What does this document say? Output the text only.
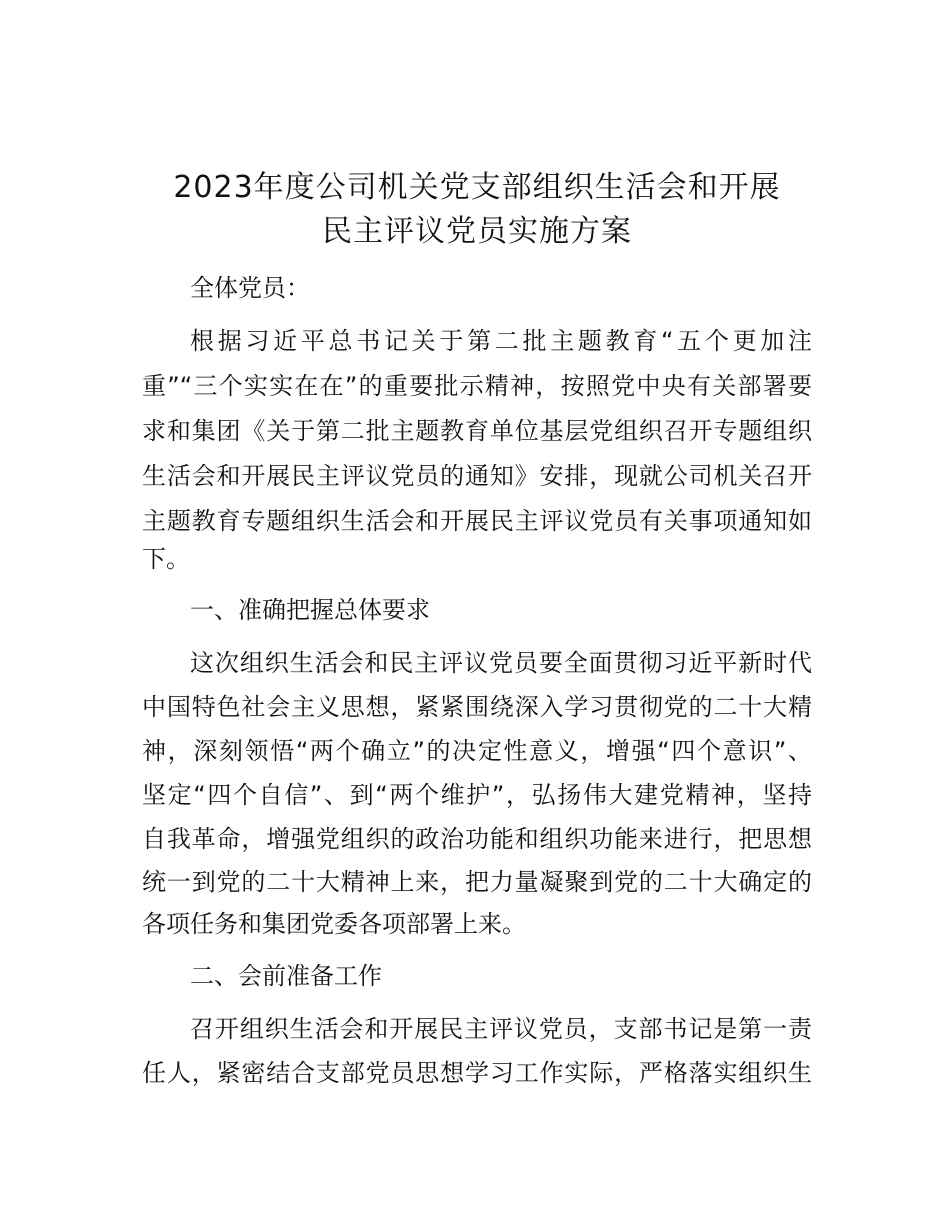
2023年度公司机关党支部组织生活会和开展
民主评议党员实施方案

全体党员：

根据习近平总书记关于第二批主题教育“五个更加注

重”“三个实实在在”的重要批示精神，按照党中央有关部署要

求和集团《关于第二批主题教育单位基层党组织召开专题组织

生活会和开展民主评议党员的通知》安排，现就公司机关召开

主题教育专题组织生活会和开展民主评议党员有关事项通知如

下。

一、准确把握总体要求

这次组织生活会和民主评议党员要全面贯彻习近平新时代

中国特色社会主义思想，紧紧围绕深入学习贯彻党的二十大精

神，深刻领悟“两个确立”的决定性意义，增强“四个意识”、

坚定“四个自信”、到“两个维护”，弘扬伟大建党精神，坚持

自我革命，增强党组织的政治功能和组织功能来进行，把思想

统一到党的二十大精神上来，把力量凝聚到党的二十大确定的

各项任务和集团党委各项部署上来。

二、会前准备工作

召开组织生活会和开展民主评议党员，支部书记是第一责

任人，紧密结合支部党员思想学习工作实际，严格落实组织生
